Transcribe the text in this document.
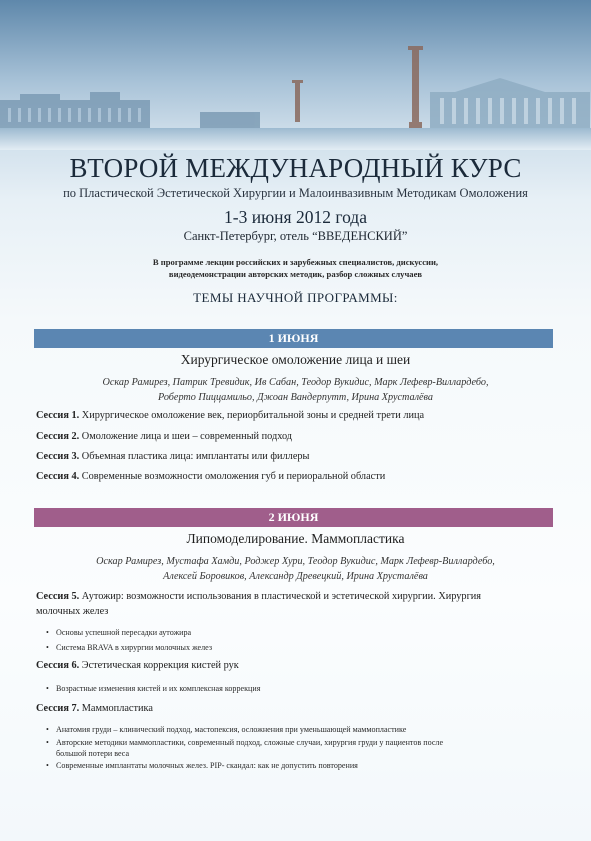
ВТОРОЙ МЕЖДУНАРОДНЫЙ КУРС
по Пластической Эстетической Хирургии и Малоинвазивным Методикам Омоложения
1-3 июня 2012 года
Санкт-Петербург, отель “ВВЕДЕНСКИЙ”
В программе лекции российских и зарубежных специалистов, дискуссии,
видеодемонстрации авторских методик, разбор сложных случаев
ТЕМЫ НАУЧНОЙ ПРОГРАММЫ:
1 ИЮНЯ
Хирургическое омоложение лица и шеи
Оскар Рамирез, Патрик Тревидик, Ив Сабан, Теодор Вукидис, Марк Лефевр-Виллардебо,
Роберто Пиццамильо, Джоан Вандерпутт, Ирина Хрусталёва
Сессия 1. Хирургическое омоложение век, периорбитальной зоны и средней трети лица
Сессия 2. Омоложение лица и шеи – современный подход
Сессия 3. Объемная пластика лица: имплантаты или филлеры
Сессия 4. Современные возможности омоложения губ и периоральной области
2 ИЮНЯ
Липомоделирование. Маммопластика
Оскар Рамирез, Мустафа Хамди, Роджер Хури, Теодор Вукидис, Марк Лефевр-Виллардебо,
Алексей Боровиков, Александр Древецкий, Ирина Хрусталёва
Сессия 5. Аутожир: возможности использования в пластической и эстетической хирургии. Хирургия
молочных желез
• Основы успешной пересадки аутожира
• Система BRAVA в хирургии молочных желез
Сессия 6. Эстетическая коррекция кистей рук
• Возрастные изменения кистей и их комплексная коррекция
Сессия 7. Маммопластика
• Анатомия груди – клинический подход, мастопексия, осложнения при уменьшающей маммопластике
• Авторские методики маммопластики, современный подход, сложные случаи, хирургия груди у пациентов после
большой потери веса
• Современные имплантаты молочных желез. PIP- скандал: как не допустить повторения
